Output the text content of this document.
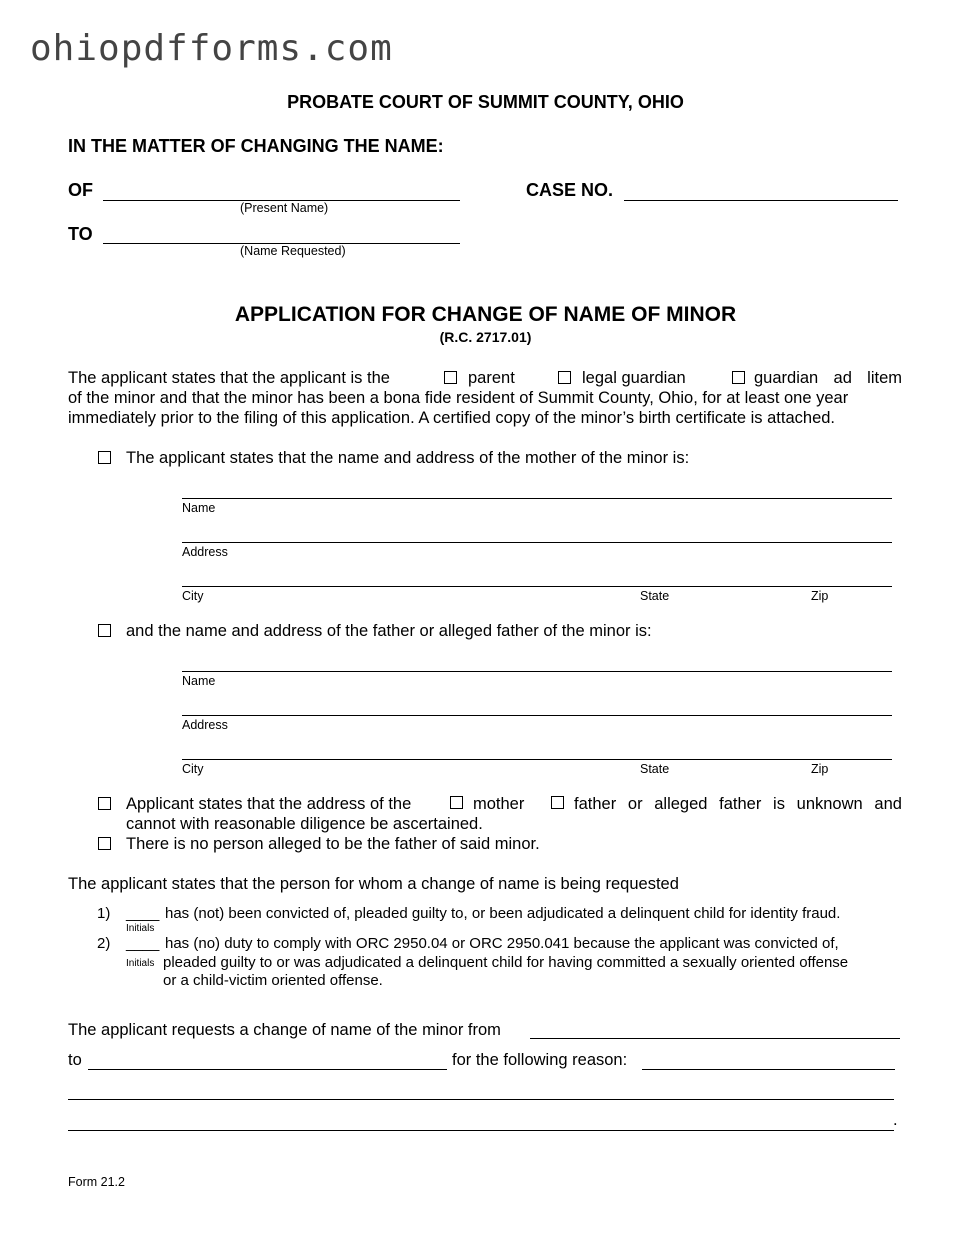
ohiopdfforms.com
PROBATE COURT OF SUMMIT COUNTY, OHIO
IN THE MATTER OF CHANGING THE NAME:
OF
(Present Name)
CASE NO.
TO
(Name Requested)
APPLICATION FOR CHANGE OF NAME OF MINOR
(R.C. 2717.01)
The applicant states that the applicant is the	parent	legal guardian	guardian ad litem
of the minor and that the minor has been a bona fide resident of Summit County, Ohio, for at least one year
immediately prior to the filing of this application. A certified copy of the minor’s birth certificate is attached.
The applicant states that the name and address of the mother of the minor is:
Name
Address
City	State	Zip
and the name and address of the father or alleged father of the minor is:
Name
Address
City	State	Zip
Applicant states that the address of the	mother	father or alleged father is unknown and
cannot with reasonable diligence be ascertained.
There is no person alleged to be the father of said minor.
The applicant states that the person for whom a change of name is being requested
1) ____ has (not) been convicted of, pleaded guilty to, or been adjudicated a delinquent child for identity fraud.
Initials
2) ____ has (no) duty to comply with ORC 2950.04 or ORC 2950.041 because the applicant was convicted of,
Initials pleaded guilty to or was adjudicated a delinquent child for having committed a sexually oriented offense
or a child-victim oriented offense.
The applicant requests a change of name of the minor from
to	for the following reason:
.
Form 21.2
